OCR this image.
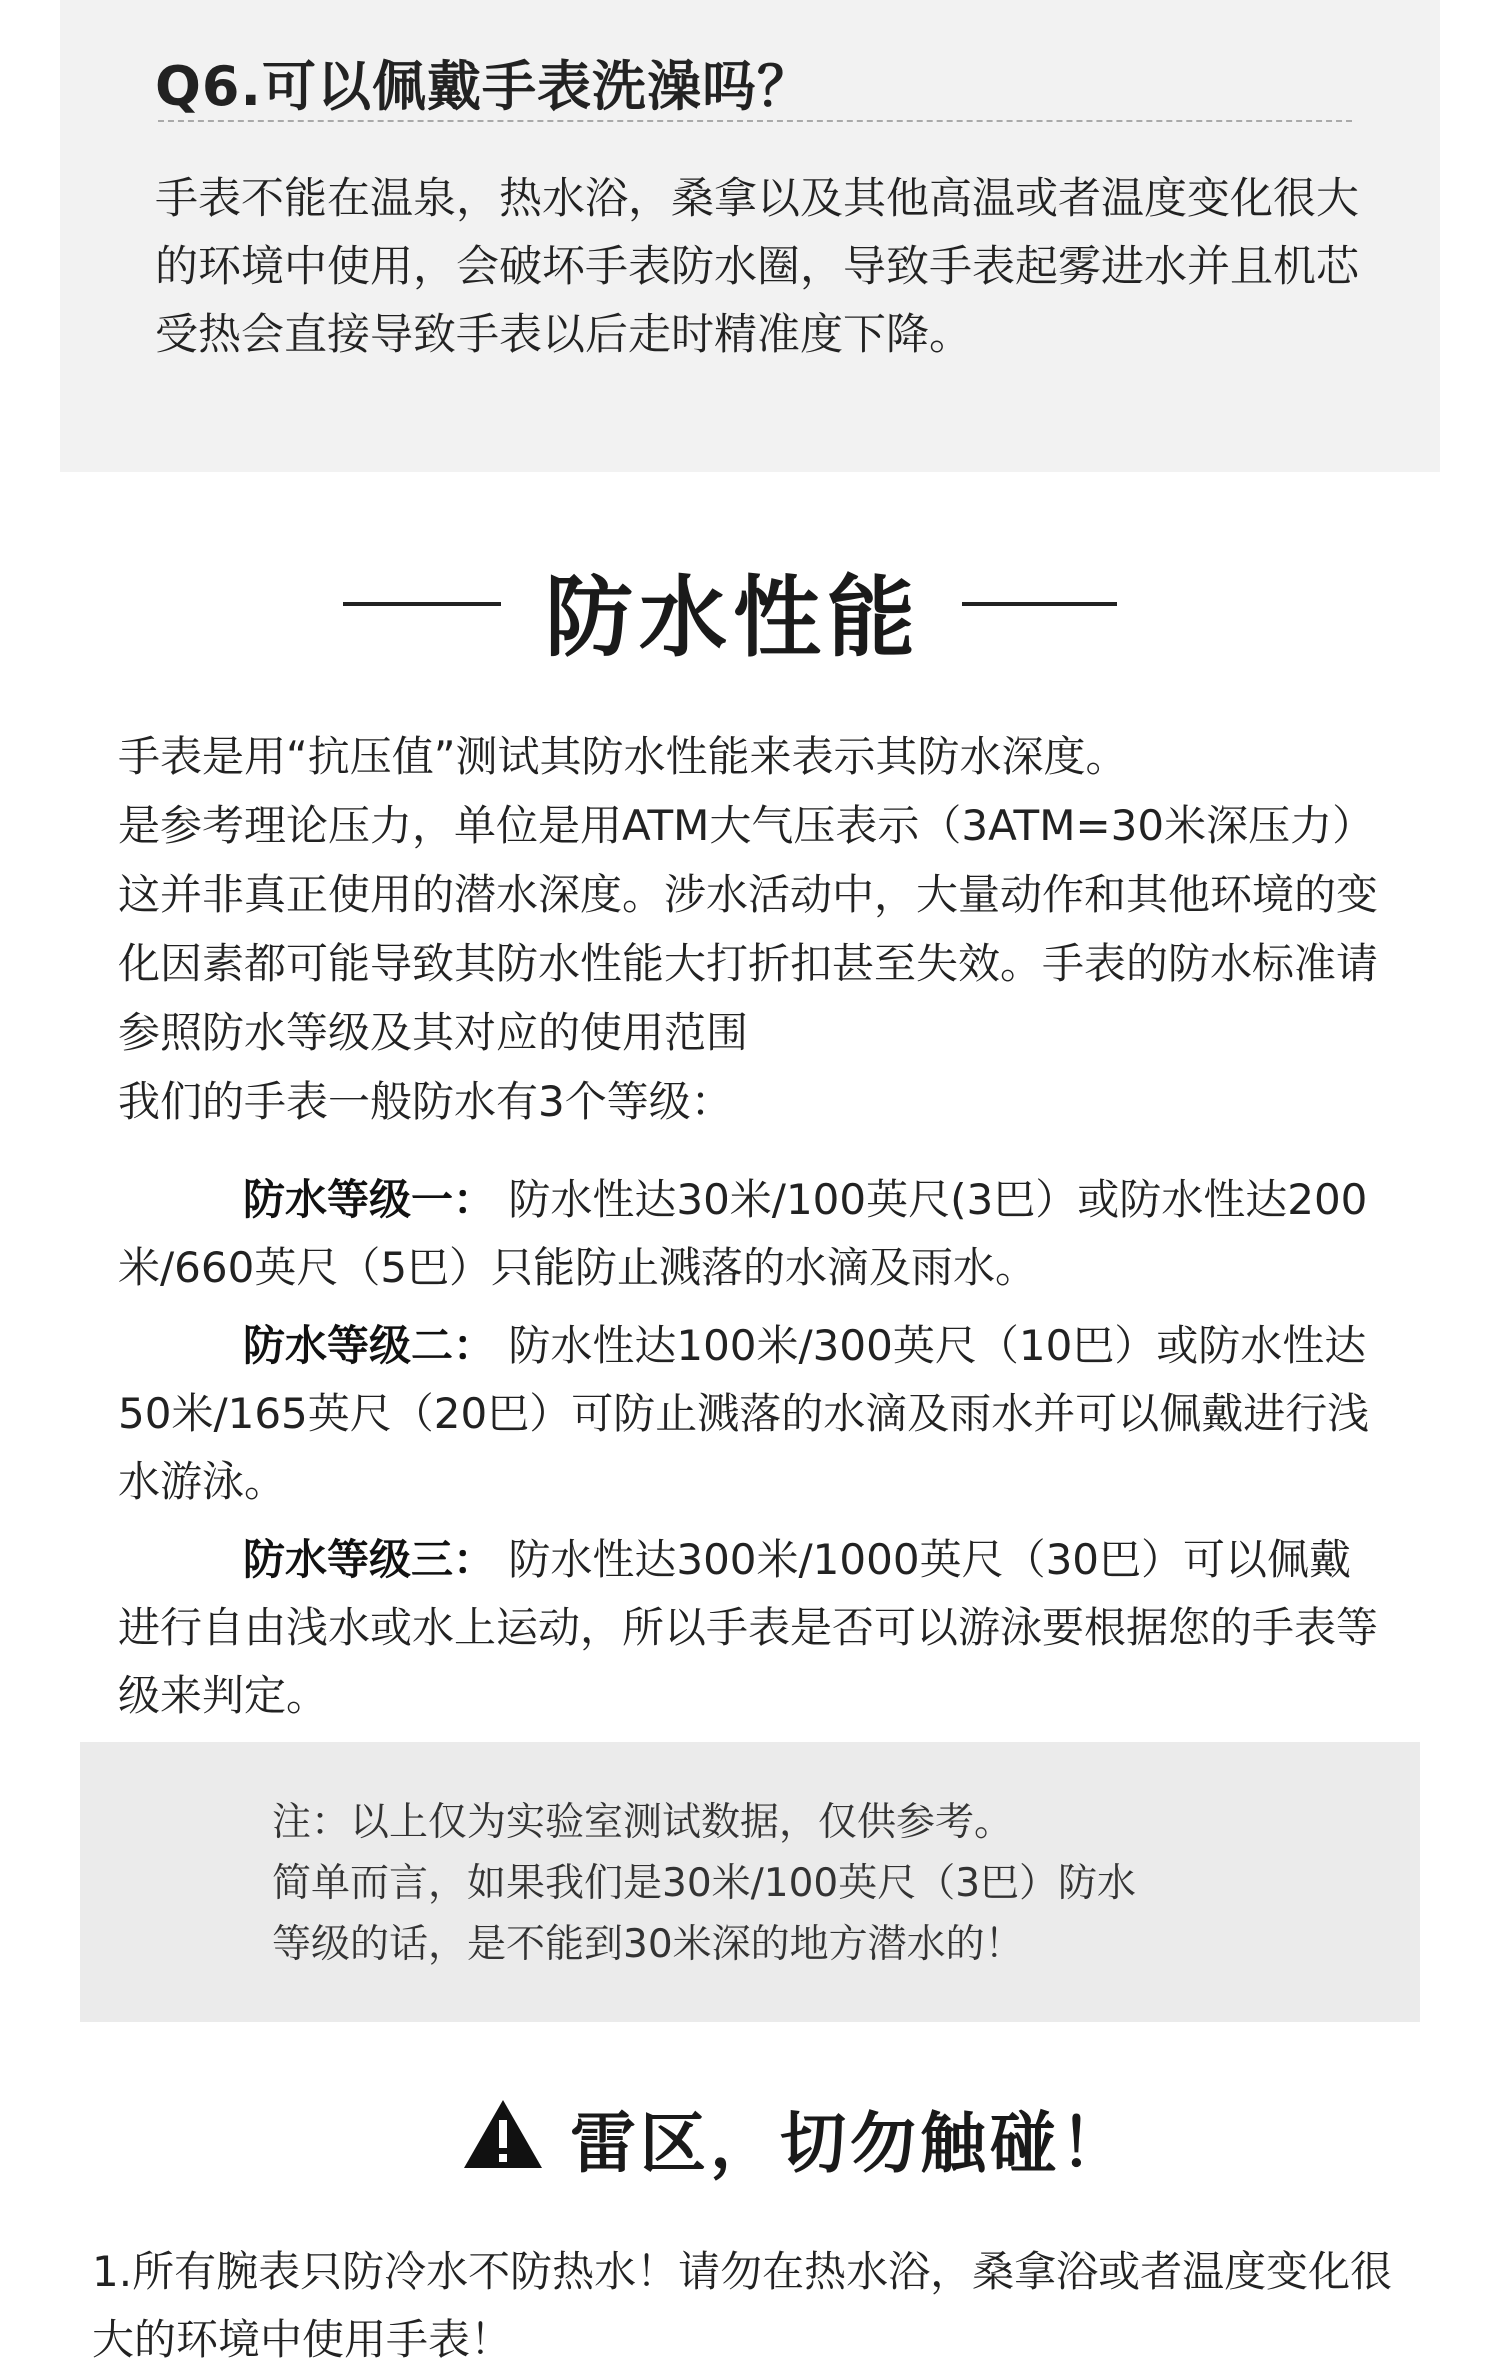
Q6.可以佩戴手表洗澡吗？
手表不能在温泉，热水浴，桑拿以及其他高温或者温度变化很大的环境中使用，会破坏手表防水圈，导致手表起雾进水并且机芯受热会直接导致手表以后走时精准度下降。
防水性能

手表是用“抗压值”测试其防水性能来表示其防水深度。

是参考理论压力，单位是用ATM大气压表示（3ATM=30米深压力）这并非真正使用的潜水深度。涉水活动中，大量动作和其他环境的变化因素都可能导致其防水性能大打折扣甚至失效。手表的防水标准请参照防水等级及其对应的使用范围

我们的手表一般防水有3个等级：

防水等级一： 防水性达30米/100英尺(3巴）或防水性达200米/660英尺（5巴）只能防止溅落的水滴及雨水。

防水等级二： 防水性达100米/300英尺（10巴）或防水性达50米/165英尺（20巴）可防止溅落的水滴及雨水并可以佩戴进行浅水游泳。

防水等级三： 防水性达300米/1000英尺（30巴）可以佩戴进行自由浅水或水上运动，所以手表是否可以游泳要根据您的手表等级来判定。

注：以上仅为实验室测试数据，仅供参考。

简单而言，如果我们是30米/100英尺（3巴）防水

等级的话，是不能到30米深的地方潜水的！

雷区，切勿触碰！
1.所有腕表只防冷水不防热水！请勿在热水浴，桑拿浴或者温度变化很大的环境中使用手表！
